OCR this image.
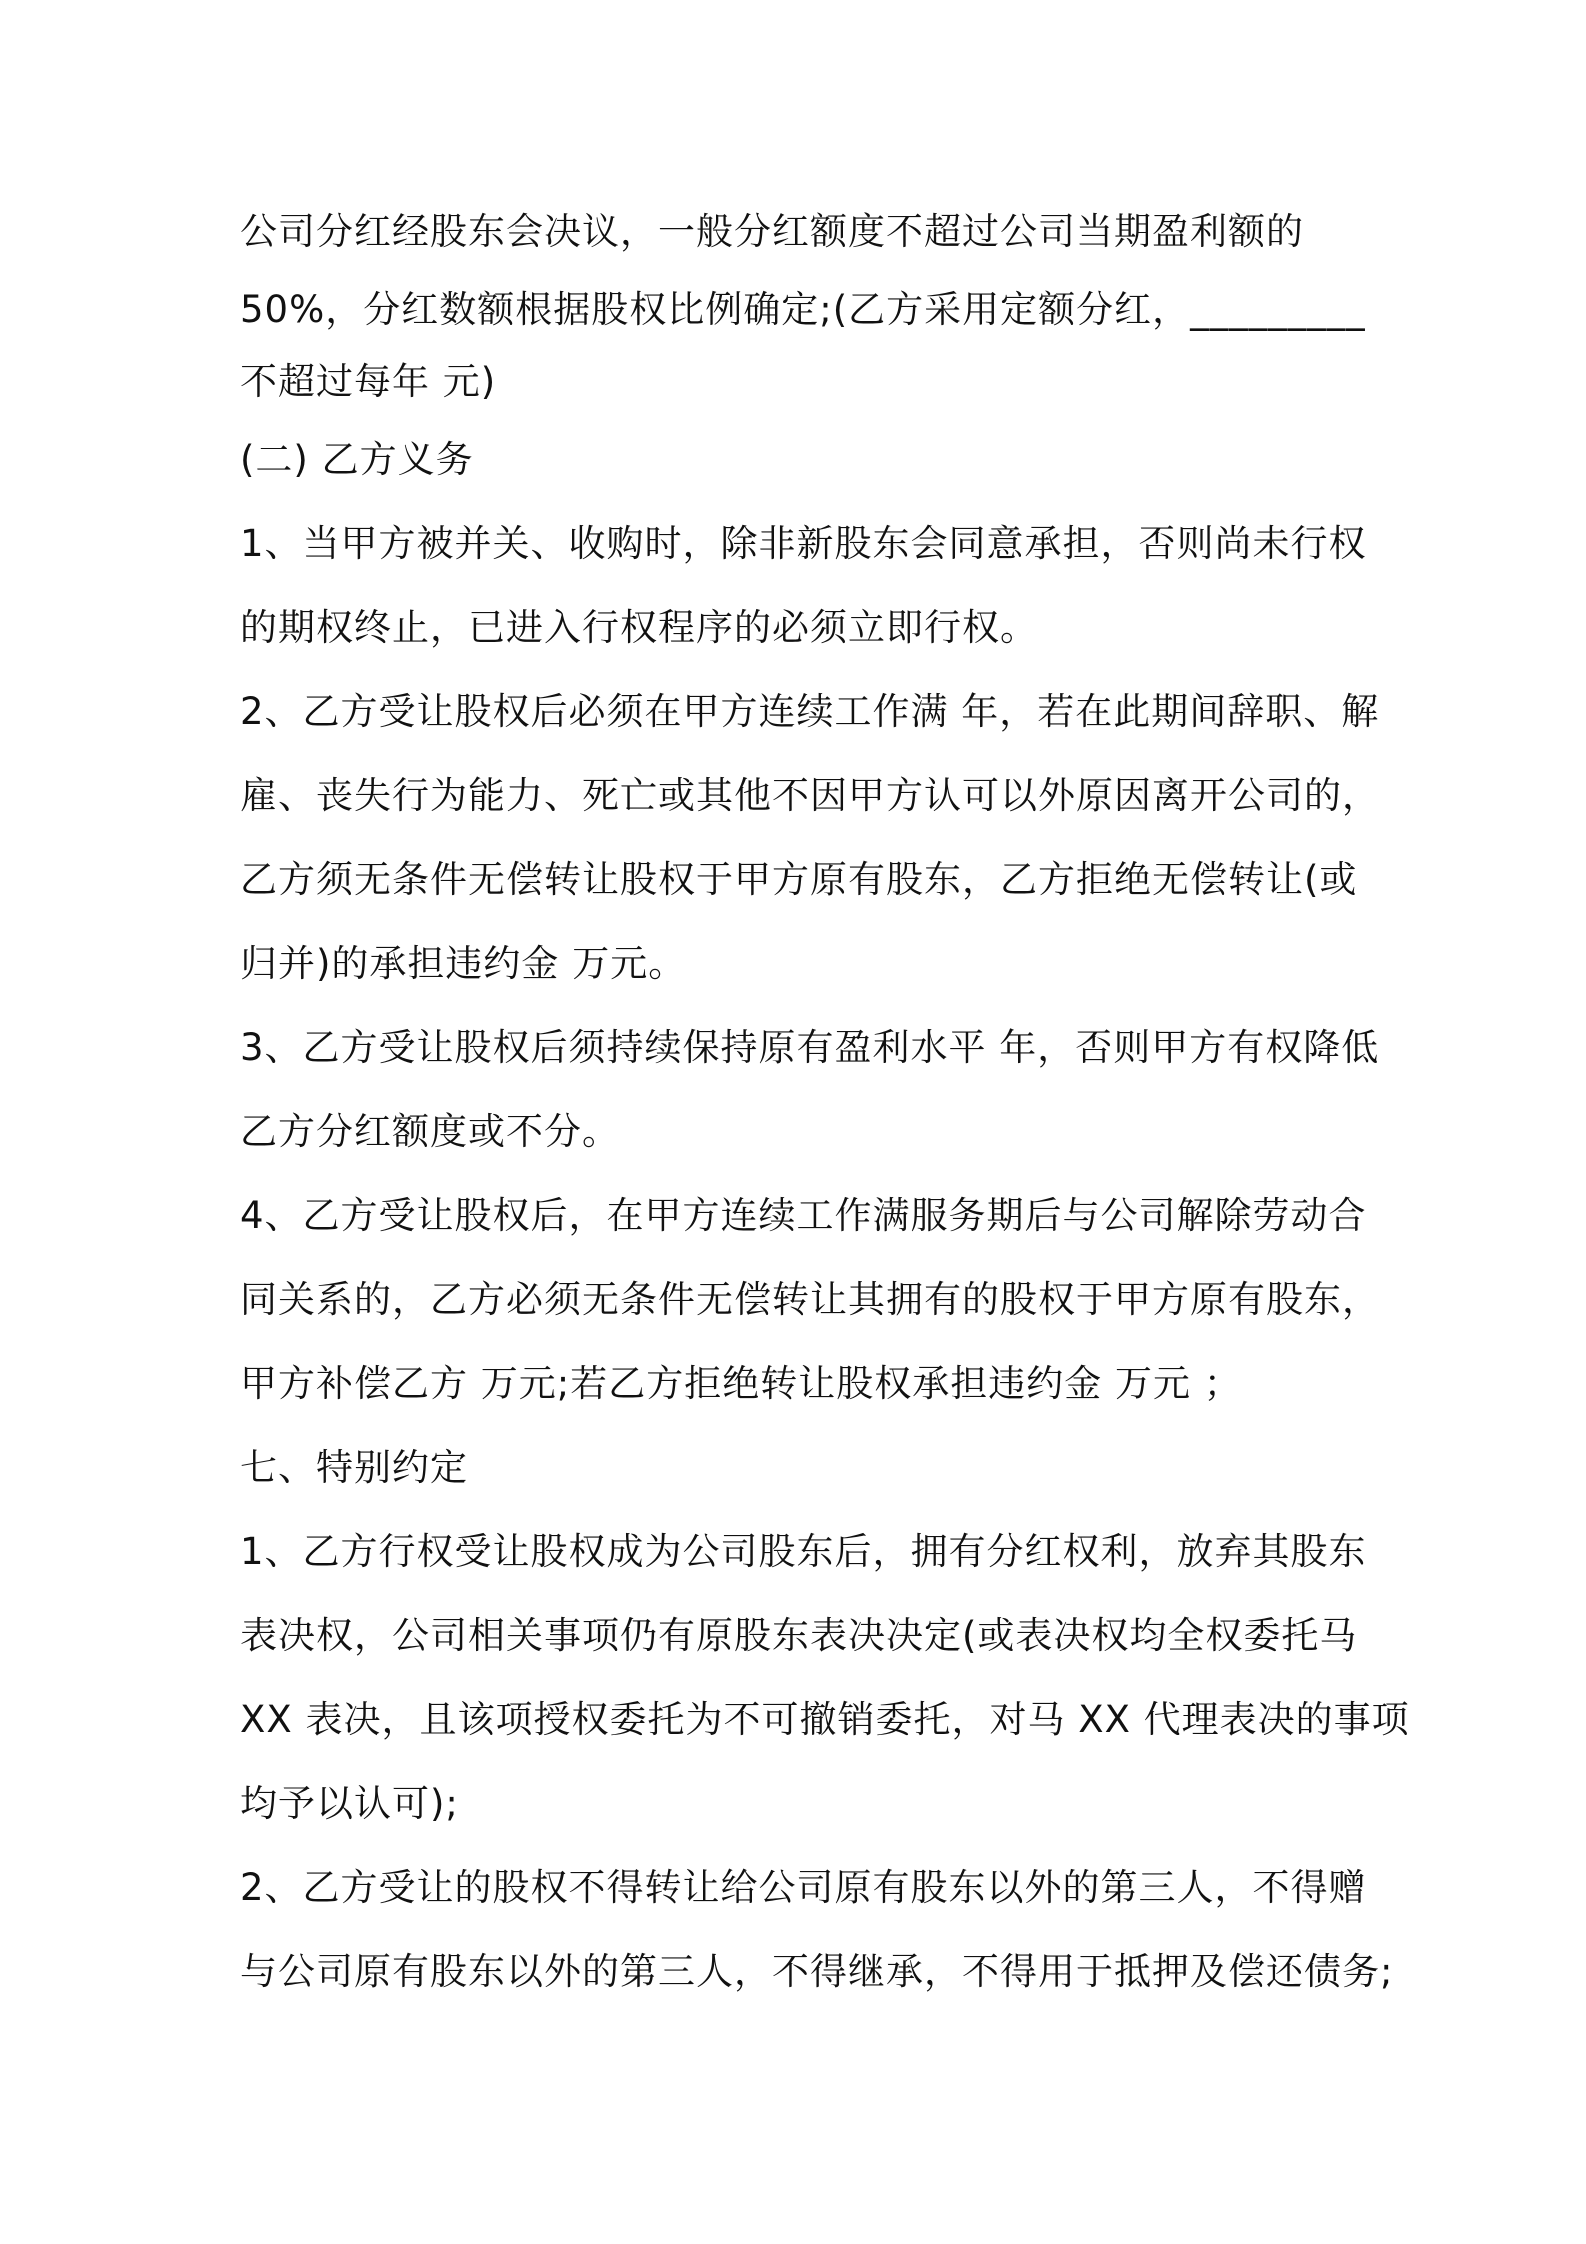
公司分红经股东会决议，一般分红额度不超过公司当期盈利额的
50%，分红数额根据股权比例确定;(乙方采用定额分红，_________
不超过每年 元)
(二) 乙方义务
1、当甲方被并关、收购时，除非新股东会同意承担，否则尚未行权
的期权终止，已进入行权程序的必须立即行权。
2、乙方受让股权后必须在甲方连续工作满 年，若在此期间辞职、解
雇、丧失行为能力、死亡或其他不因甲方认可以外原因离开公司的，
乙方须无条件无偿转让股权于甲方原有股东，乙方拒绝无偿转让(或
归并)的承担违约金 万元。
3、乙方受让股权后须持续保持原有盈利水平 年，否则甲方有权降低
乙方分红额度或不分。
4、乙方受让股权后，在甲方连续工作满服务期后与公司解除劳动合
同关系的，乙方必须无条件无偿转让其拥有的股权于甲方原有股东，
甲方补偿乙方 万元;若乙方拒绝转让股权承担违约金 万元 ；
七、特别约定
1、乙方行权受让股权成为公司股东后，拥有分红权利，放弃其股东
表决权，公司相关事项仍有原股东表决决定(或表决权均全权委托马
XX 表决，且该项授权委托为不可撤销委托，对马 XX 代理表决的事项
均予以认可);
2、乙方受让的股权不得转让给公司原有股东以外的第三人，不得赠
与公司原有股东以外的第三人，不得继承，不得用于抵押及偿还债务;
